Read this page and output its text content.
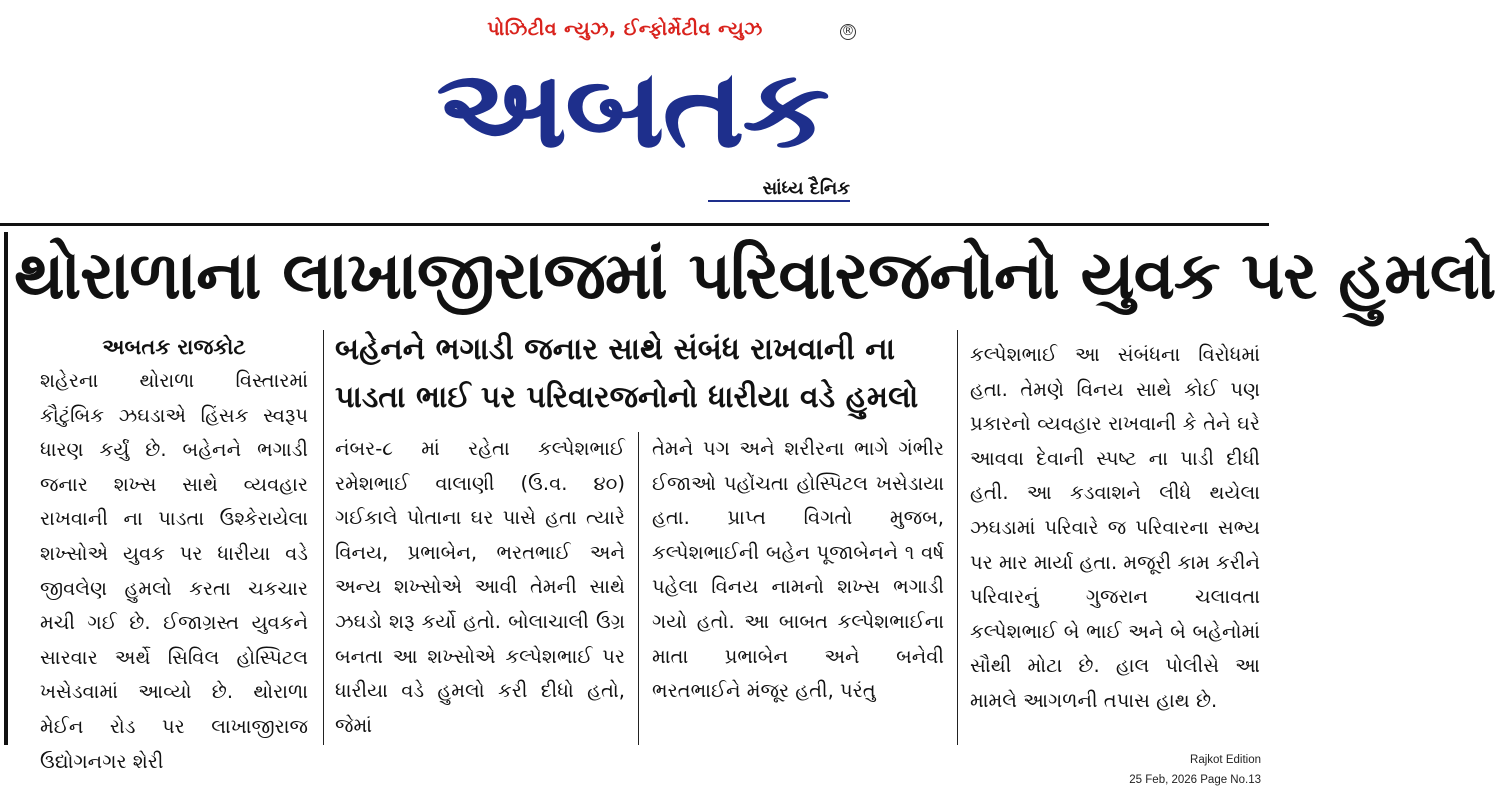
પોઝિટીવ ન્યુઝ, ઈન્ફોર્મેટીવ ન્યુઝ	®
અબતક
સાંધ્ય દૈનિક
થોરાળાના લાખાજીરાજમાં પરિવારજનોનો યુવક પર હુમલો
અબતક રાજકોટ	બહેનને ભગાડી જનાર સાથે સંબંધ રાખવાની ના પાડતા ભાઈ પર પરિવારજનોનો ધારીયા વડે હુમલો
શહેરના થોરાળા વિસ્તારમાં કૌટુંબિક ઝઘડાએ હિંસક સ્વરૂપ ધારણ કર્યું છે. બહેનને ભગાડી જનાર શખ્સ સાથે વ્યવહાર રાખવાની ના પાડતા ઉશ્કેરાયેલા શખ્સોએ યુવક પર ધારીયા વડે જીવલેણ હુમલો કરતા ચકચાર મચી ગઈ છે. ઈજાગ્રસ્ત યુવકને સારવાર અર્થે સિવિલ હોસ્પિટલ ખસેડવામાં આવ્યો છે. થોરાળા મેઈન રોડ પર લાખાજીરાજ ઉદ્યોગનગર શેરી
નંબર-૮ માં રહેતા કલ્પેશભાઈ રમેશભાઈ વાલાણી (ઉ.વ. ૪૦) ગઈકાલે પોતાના ઘર પાસે હતા ત્યારે વિનય, પ્રભાબેન, ભરતભાઈ અને અન્ય શખ્સોએ આવી તેમની સાથે ઝઘડો શરૂ કર્યો હતો. બોલાચાલી ઉગ્ર બનતા આ શખ્સોએ કલ્પેશભાઈ પર ધારીયા વડે હુમલો કરી દીધો હતો, જેમાં
તેમને પગ અને શરીરના ભાગે ગંભીર ઈજાઓ પહોંચતા હોસ્પિટલ ખસેડાયા હતા. પ્રાપ્ત વિગતો મુજબ, કલ્પેશભાઈની બહેન પૂજાબેનને ૧ વર્ષ પહેલા વિનય નામનો શખ્સ ભગાડી ગયો હતો. આ બાબત કલ્પેશભાઈના માતા પ્રભાબેન અને બનેવી ભરતભાઈને મંજૂર હતી, પરંતુ
કલ્પેશભાઈ આ સંબંધના વિરોધમાં હતા. તેમણે વિનય સાથે કોઈ પણ પ્રકારનો વ્યવહાર રાખવાની કે તેને ઘરે આવવા દેવાની સ્પષ્ટ ના પાડી દીધી હતી. આ કડવાશને લીધે થયેલા ઝઘડામાં પરિવારે જ પરિવારના સભ્ય પર માર માર્યા હતા. મજૂરી કામ કરીને પરિવારનું ગુજરાન ચલાવતા કલ્પેશભાઈ બે ભાઈ અને બે બહેનોમાં સૌથી મોટા છે. હાલ પોલીસે આ મામલે આગળની તપાસ હાથ છે.
Rajkot Edition
25 Feb, 2026 Page No.13
